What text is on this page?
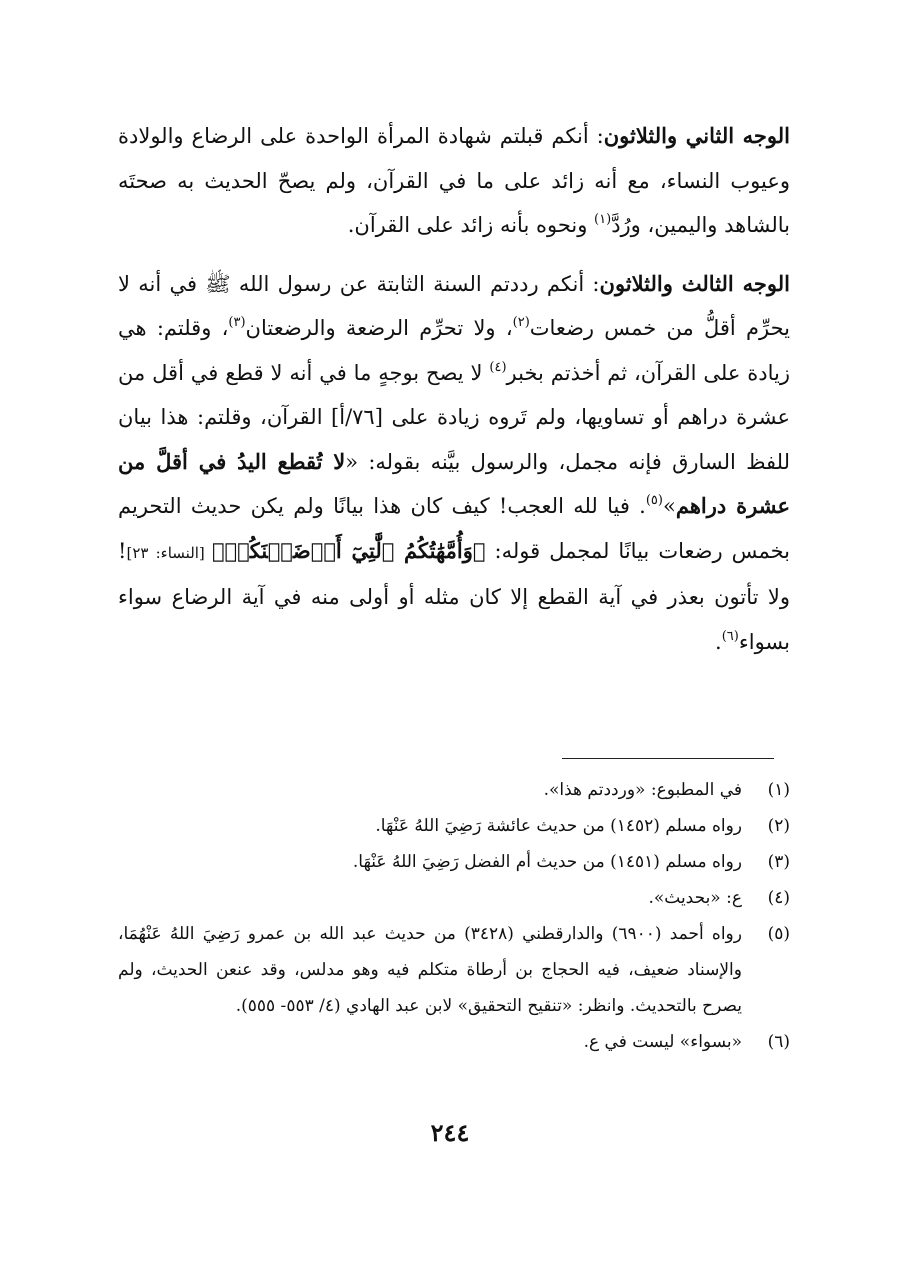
الوجه الثاني والثلاثون: أنكم قبلتم شهادة المرأة الواحدة على الرضاع والولادة وعيوب النساء، مع أنه زائد على ما في القرآن، ولم يصحّ الحديث به صحتَه بالشاهد واليمين، ورُدَّ$^{(١)}$ ونحوه بأنه زائد على القرآن.

الوجه الثالث والثلاثون: أنكم رددتم السنة الثابتة عن رسول الله ﷺ في أنه لا يحرِّم أقلُّ من خمس رضعات$^{(٢)}$، ولا تحرِّم الرضعة والرضعتان$^{(٣)}$، وقلتم: هي زيادة على القرآن، ثم أخذتم بخبر$^{(٤)}$ لا يصح بوجهٍ ما في أنه لا قطع في أقل من عشرة دراهم أو تساويها، ولم تَروه زيادة على [٧٦/أ] القرآن، وقلتم: هذا بيان للفظ السارق فإنه مجمل، والرسول بيَّنه بقوله: «لا تُقطع اليدُ في أقلَّ من عشرة دراهم»$^{(٥)}$. فيا لله العجب! كيف كان هذا بيانًا ولم يكن حديث التحريم بخمس رضعات بيانًا لمجمل قوله: ﴿وَأُمَّهَٰتُكُمُ ٱلَّٰتِيٓ أَرۡضَعۡنَكُمۡ﴾ [النساء: ٢٣]! ولا تأتون بعذر في آية القطع إلا كان مثله أو أولى منه في آية الرضاع سواء بسواء$^{(٦)}$.

(١)
في المطبوع: «ورددتم هذا».
(٢)
رواه مسلم (١٤٥٢) من حديث عائشة رَضِيَ اللهُ عَنْهَا.
(٣)
رواه مسلم (١٤٥١) من حديث أم الفضل رَضِيَ اللهُ عَنْهَا.
(٤)
ع: «بحديث».
(٥)
رواه أحمد (٦٩٠٠) والدارقطني (٣٤٢٨) من حديث عبد الله بن عمرو رَضِيَ اللهُ عَنْهُمَا، والإسناد ضعيف، فيه الحجاج بن أرطاة متكلم فيه وهو مدلس، وقد عنعن الحديث، ولم يصرح بالتحديث. وانظر: «تنقيح التحقيق» لابن عبد الهادي (٤/ ٥٥٣- ٥٥٥).
(٦)
«بسواء» ليست في ع.
٢٤٤
